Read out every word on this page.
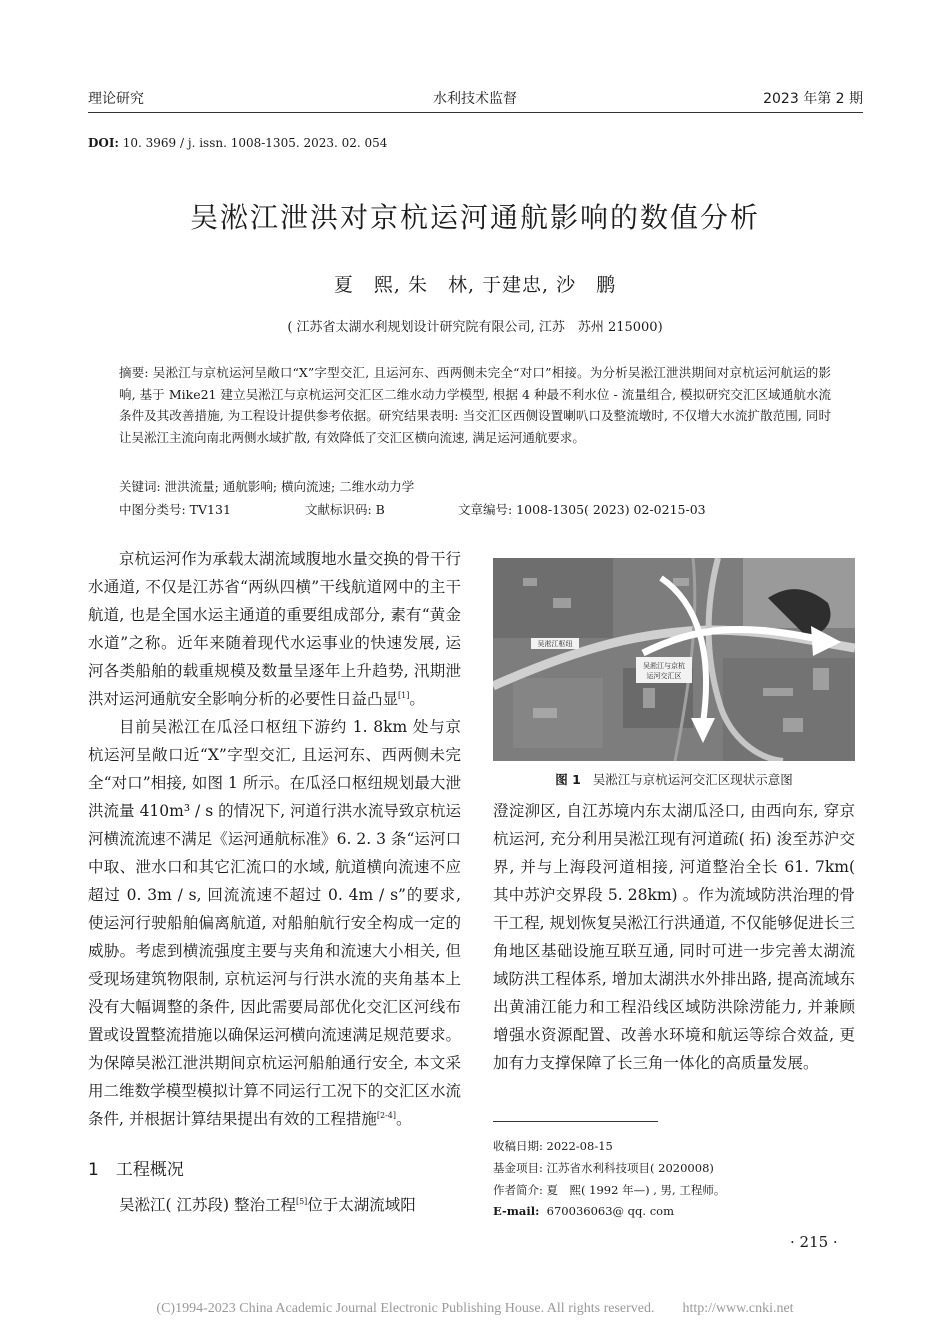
理论研究	水利技术监督	2023 年第 2 期
DOI: 10. 3969 / j. issn. 1008-1305. 2023. 02. 054
吴淞江泄洪对京杭运河通航影响的数值分析
夏　熙, 朱　林, 于建忠, 沙　鹏
( 江苏省太湖水利规划设计研究院有限公司, 江苏　苏州 215000)
摘要: 吴淞江与京杭运河呈敞口“X”字型交汇, 且运河东、西两侧未完全“对口”相接。为分析吴淞江泄洪期间对京杭运河航运的影响, 基于 Mike21 建立吴淞江与京杭运河交汇区二维水动力学模型, 根据 4 种最不利水位 - 流量组合, 模拟研究交汇区域通航水流条件及其改善措施, 为工程设计提供参考依据。研究结果表明: 当交汇区西侧设置喇叭口及整流墩时, 不仅增大水流扩散范围, 同时让吴淞江主流向南北两侧水域扩散, 有效降低了交汇区横向流速, 满足运河通航要求。
关键词: 泄洪流量; 通航影响; 横向流速; 二维水动力学
中图分类号: TV131	文献标识码: B	文章编号: 1008-1305( 2023) 02-0215-03

京杭运河作为承载太湖流域腹地水量交换的骨干行水通道, 不仅是江苏省“两纵四横”干线航道网中的主干航道, 也是全国水运主通道的重要组成部分, 素有“黄金水道”之称。近年来随着现代水运事业的快速发展, 运河各类船舶的载重规模及数量呈逐年上升趋势, 汛期泄洪对运河通航安全影响分析的必要性日益凸显[1]。

目前吴淞江在瓜泾口枢纽下游约 1. 8km 处与京杭运河呈敞口近“X”字型交汇, 且运河东、西两侧未完全“对口”相接, 如图 1 所示。在瓜泾口枢纽规划最大泄洪流量 410m³ / s 的情况下, 河道行洪水流导致京杭运河横流流速不满足《运河通航标准》6. 2. 3 条“运河口中取、泄水口和其它汇流口的水域, 航道横向流速不应超过 0. 3m / s, 回流流速不超过 0. 4m / s”的要求, 使运河行驶船舶偏离航道, 对船舶航行安全构成一定的威胁。考虑到横流强度主要与夹角和流速大小相关, 但受现场建筑物限制, 京杭运河与行洪水流的夹角基本上没有大幅调整的条件, 因此需要局部优化交汇区河线布置或设置整流措施以确保运河横向流速满足规范要求。为保障吴淞江泄洪期间京杭运河船舶通行安全, 本文采用二维数学模型模拟计算不同运行工况下的交汇区水流条件, 并根据计算结果提出有效的工程措施[2-4]。

1　工程概况

吴淞江( 江苏段) 整治工程[5]位于太湖流域阳

吴淞江枢纽
吴淞江与京杭
运河交汇区
图 1 吴淞江与京杭运河交汇区现状示意图

澄淀泖区, 自江苏境内东太湖瓜泾口, 由西向东, 穿京杭运河, 充分利用吴淞江现有河道疏( 拓) 浚至苏沪交界, 并与上海段河道相接, 河道整治全长 61. 7km( 其中苏沪交界段 5. 28km) 。作为流域防洪治理的骨干工程, 规划恢复吴淞江行洪通道, 不仅能够促进长三角地区基础设施互联互通, 同时可进一步完善太湖流域防洪工程体系, 增加太湖洪水外排出路, 提高流域东出黄浦江能力和工程沿线区域防洪除涝能力, 并兼顾增强水资源配置、改善水环境和航运等综合效益, 更加有力支撑保障了长三角一体化的高质量发展。

收稿日期: 2022-08-15
基金项目: 江苏省水利科技项目( 2020008)
作者简介: 夏　熙( 1992 年—) , 男, 工程师。
E-mail: 670036063@ qq. com
· 215 ·
(C)1994-2023 China Academic Journal Electronic Publishing House. All rights reserved.　　http://www.cnki.net
